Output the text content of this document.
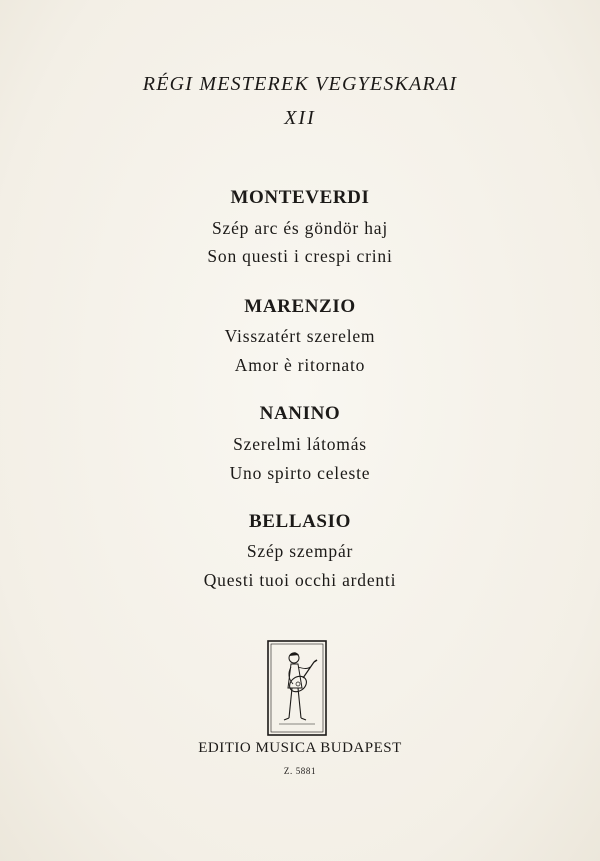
RÉGI MESTEREK VEGYESKARAI
XII
MONTEVERDI
Szép arc és göndör haj
Son questi i crespi crini
MARENZIO
Visszatért szerelem
Amor è ritornato
NANINO
Szerelmi látomás
Uno spirto celeste
BELLASIO
Szép szempár
Questi tuoi occhi ardenti
EDITIO MUSICA BUDAPEST
Z. 5881
